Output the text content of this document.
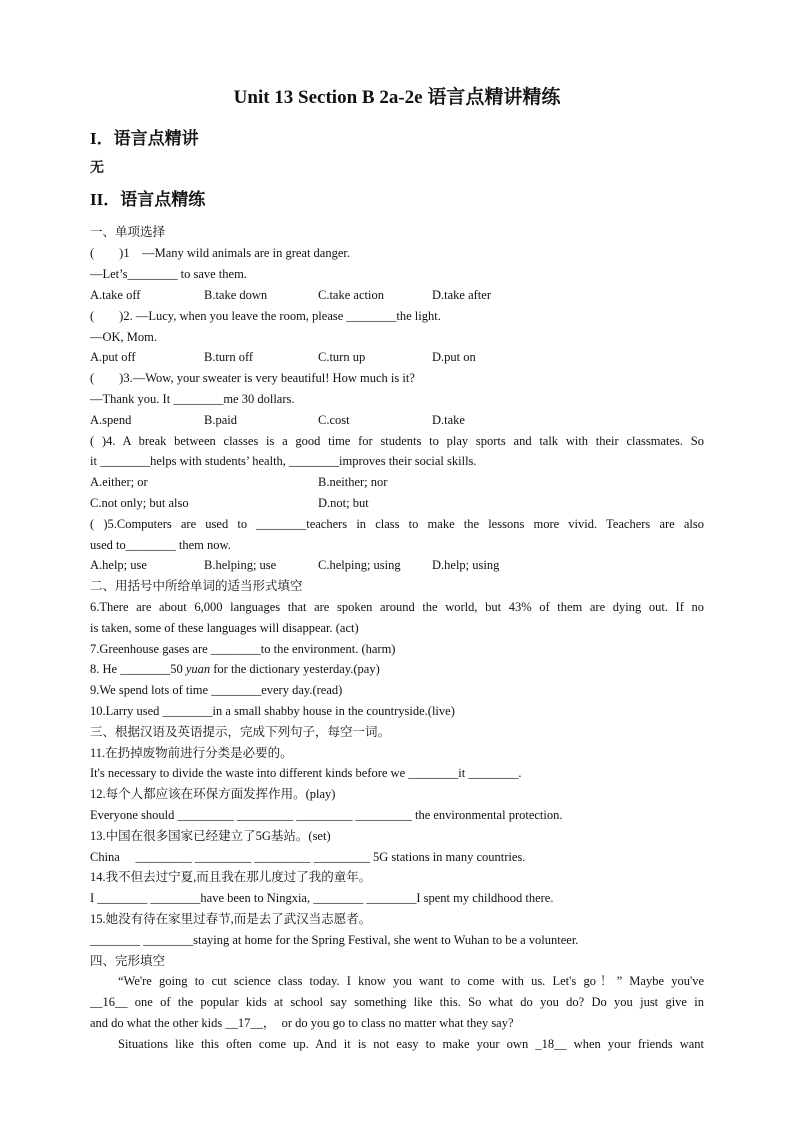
Unit 13 Section B 2a-2e 语言点精讲精练
I．语言点精讲
无
II．语言点精练
一、单项选择
(        )1    —Many wild animals are in great danger.
—Let’s________ to save them.
A.take off	B.take down	C.take action	D.take after
(        )2. —Lucy, when you leave the room, please ________the light.
—OK, Mom.
A.put off	B.turn off	C.turn up	D.put on
(        )3.—Wow, your sweater is very beautiful! How much is it?
—Thank you. It ________me 30 dollars.
A.spend	B.paid	C.cost	D.take
( )4. A break between classes is a good time for students to play sports and talk with their classmates. So
it ________helps with students’ health, ________improves their social skills.
A.either; or	B.neither; nor
C.not only; but also	D.not; but
( )5.Computers are used to ________teachers in class to make the lessons more vivid. Teachers are also
used to________ them now.
A.help; use	B.helping; use	C.helping; using	D.help; using
二、用括号中所给单词的适当形式填空
6.There are about 6,000 languages that are spoken around the world, but 43% of them are dying out. If no
is taken, some of these languages will disappear. (act)
7.Greenhouse gases are ________to the environment. (harm)
8. He ________50 yuan for the dictionary yesterday.(pay)
9.We spend lots of time ________every day.(read)
10.Larry used ________in a small shabby house in the countryside.(live)
三、根据汉语及英语提示，完成下列句子，每空一词。
11.在扔掉废物前进行分类是必要的。
It's necessary to divide the waste into different kinds before we ________it ________.
12.每个人都应该在环保方面发挥作用。(play)
Everyone should _________ _________ _________ _________ the environmental protection.
13.中国在很多国家已经建立了5G基站。(set)
China     _________ _________ _________ _________ 5G stations in many countries.
14.我不但去过宁夏,而且我在那儿度过了我的童年。
I ________ ________have been to Ningxia, ________ ________I spent my childhood there.
15.她没有待在家里过春节,而是去了武汉当志愿者。
________ ________staying at home for the Spring Festival, she went to Wuhan to be a volunteer.
四、完形填空
“We're going to cut science class today. I know you want to come with us. Let's go！” Maybe you've
__16__ one of the popular kids at school say something like this. So what do you do? Do you just give in
and do what the other kids __17__，  or do you go to class no matter what they say?
Situations like this often come up. And it is not easy to make your own _18__ when your friends want
